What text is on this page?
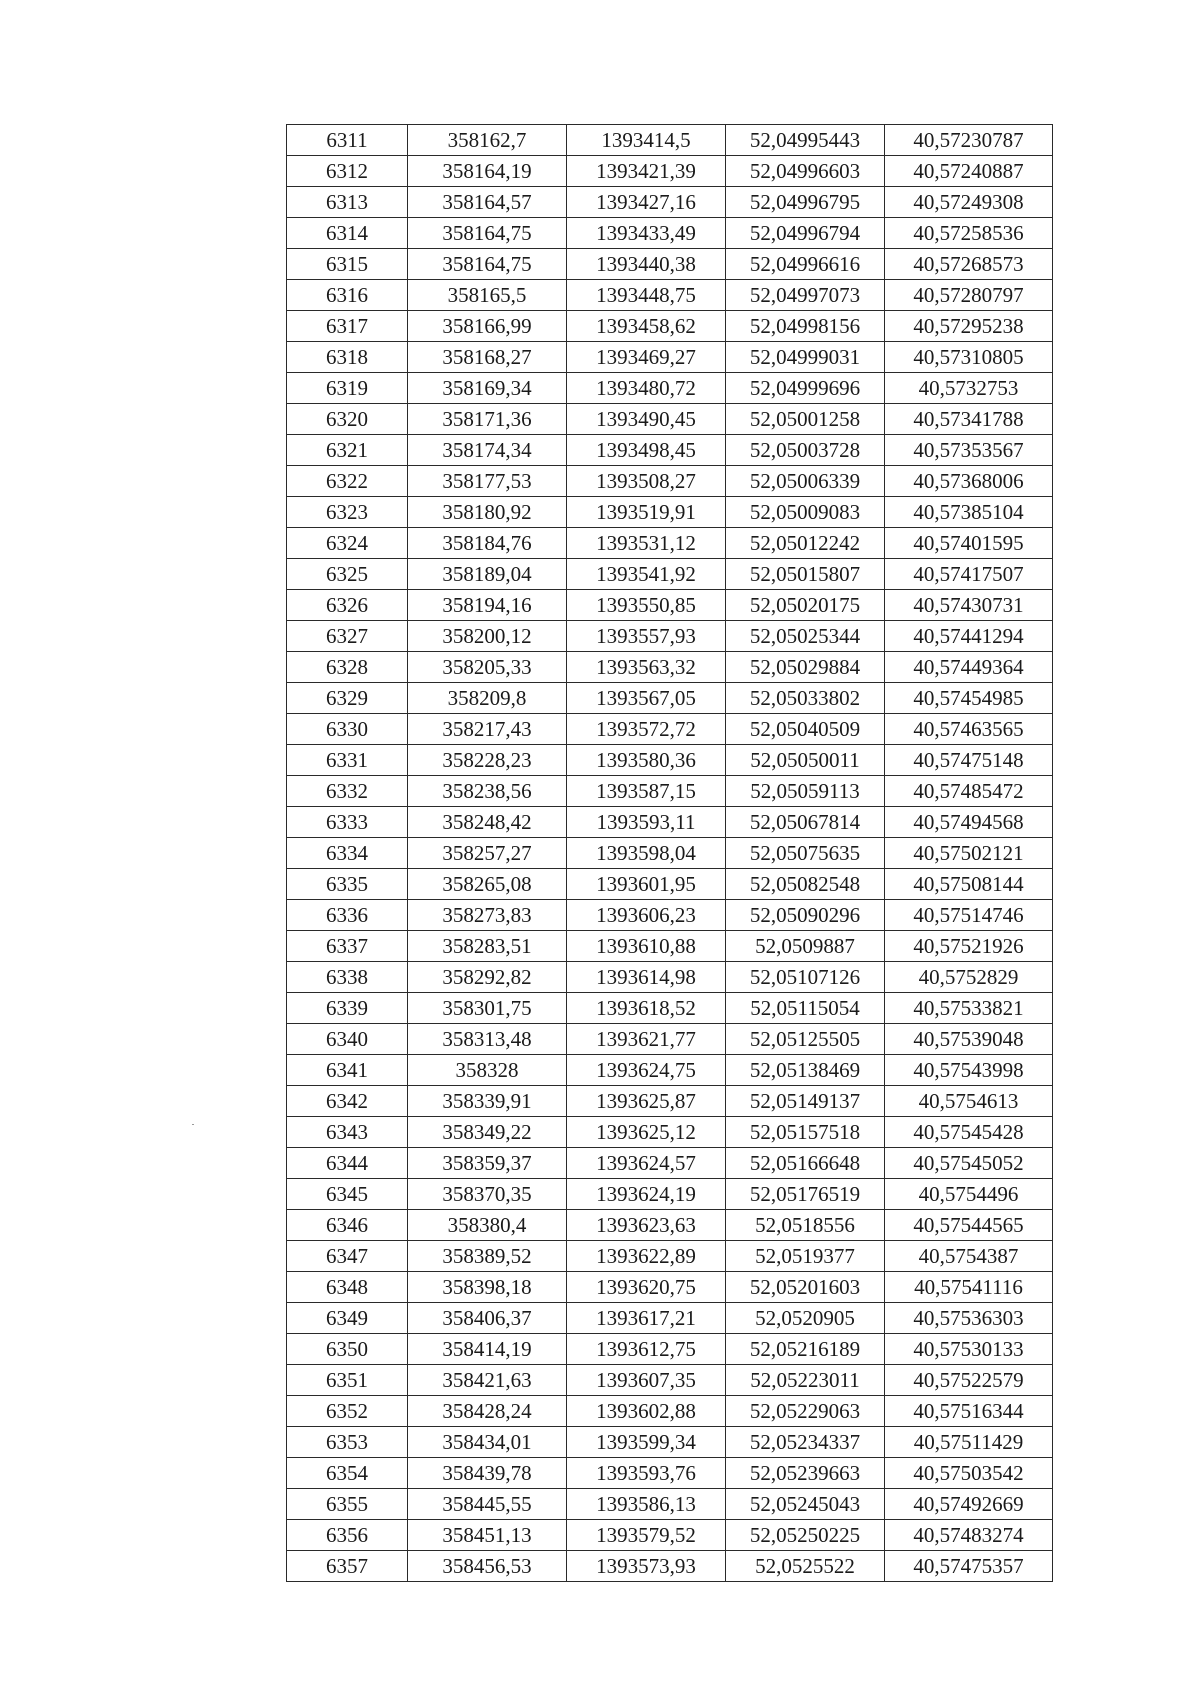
6311	358162,7	1393414,5	52,04995443	40,57230787
6312	358164,19	1393421,39	52,04996603	40,57240887
6313	358164,57	1393427,16	52,04996795	40,57249308
6314	358164,75	1393433,49	52,04996794	40,57258536
6315	358164,75	1393440,38	52,04996616	40,57268573
6316	358165,5	1393448,75	52,04997073	40,57280797
6317	358166,99	1393458,62	52,04998156	40,57295238
6318	358168,27	1393469,27	52,04999031	40,57310805
6319	358169,34	1393480,72	52,04999696	40,5732753
6320	358171,36	1393490,45	52,05001258	40,57341788
6321	358174,34	1393498,45	52,05003728	40,57353567
6322	358177,53	1393508,27	52,05006339	40,57368006
6323	358180,92	1393519,91	52,05009083	40,57385104
6324	358184,76	1393531,12	52,05012242	40,57401595
6325	358189,04	1393541,92	52,05015807	40,57417507
6326	358194,16	1393550,85	52,05020175	40,57430731
6327	358200,12	1393557,93	52,05025344	40,57441294
6328	358205,33	1393563,32	52,05029884	40,57449364
6329	358209,8	1393567,05	52,05033802	40,57454985
6330	358217,43	1393572,72	52,05040509	40,57463565
6331	358228,23	1393580,36	52,05050011	40,57475148
6332	358238,56	1393587,15	52,05059113	40,57485472
6333	358248,42	1393593,11	52,05067814	40,57494568
6334	358257,27	1393598,04	52,05075635	40,57502121
6335	358265,08	1393601,95	52,05082548	40,57508144
6336	358273,83	1393606,23	52,05090296	40,57514746
6337	358283,51	1393610,88	52,0509887	40,57521926
6338	358292,82	1393614,98	52,05107126	40,5752829
6339	358301,75	1393618,52	52,05115054	40,57533821
6340	358313,48	1393621,77	52,05125505	40,57539048
6341	358328	1393624,75	52,05138469	40,57543998
6342	358339,91	1393625,87	52,05149137	40,5754613
6343	358349,22	1393625,12	52,05157518	40,57545428
6344	358359,37	1393624,57	52,05166648	40,57545052
6345	358370,35	1393624,19	52,05176519	40,5754496
6346	358380,4	1393623,63	52,0518556	40,57544565
6347	358389,52	1393622,89	52,0519377	40,5754387
6348	358398,18	1393620,75	52,05201603	40,57541116
6349	358406,37	1393617,21	52,0520905	40,57536303
6350	358414,19	1393612,75	52,05216189	40,57530133
6351	358421,63	1393607,35	52,05223011	40,57522579
6352	358428,24	1393602,88	52,05229063	40,57516344
6353	358434,01	1393599,34	52,05234337	40,57511429
6354	358439,78	1393593,76	52,05239663	40,57503542
6355	358445,55	1393586,13	52,05245043	40,57492669
6356	358451,13	1393579,52	52,05250225	40,57483274
6357	358456,53	1393573,93	52,0525522	40,57475357
